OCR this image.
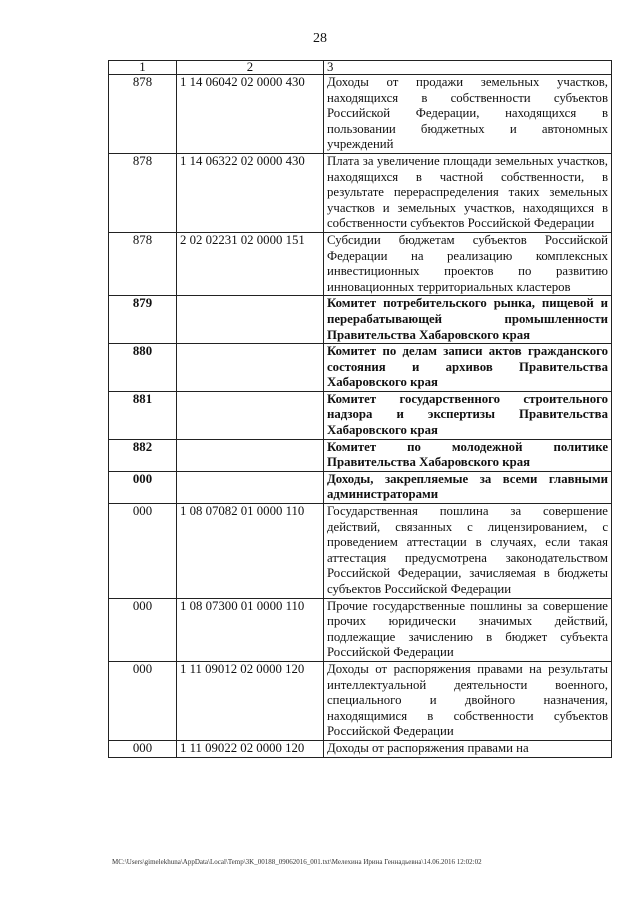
28
1	2	3
878	1 14 06042 02 0000 430	Доходы от продажи земельных участков, находящихся в собственности субъектов Российской Федерации, находящихся в пользовании бюджетных и автономных учреждений
878	1 14 06322 02 0000 430	Плата за увеличение площади земельных участков, находящихся в частной собственности, в результате перераспределения таких земельных участков и земельных участков, находящихся в собственности субъектов Российской Федерации
878	2 02 02231 02 0000 151	Субсидии бюджетам субъектов Российской Федерации на реализацию комплексных инвестиционных проектов по развитию инновационных территориальных кластеров
879		Комитет потребительского рынка, пищевой и перерабатывающей промышленности Правительства Хабаровского края
880		Комитет по делам записи актов гражданского состояния и архивов Правительства Хабаровского края
881		Комитет государственного строительного надзора и экспертизы Правительства Хабаровского края
882		Комитет по молодежной политике Правительства Хабаровского края
000		Доходы, закрепляемые за всеми главными администраторами
000	1 08 07082 01 0000 110	Государственная пошлина за совершение действий, связанных с лицензированием, с проведением аттестации в случаях, если такая аттестация предусмотрена законодательством Российской Федерации, зачисляемая в бюджеты субъектов Российской Федерации
000	1 08 07300 01 0000 110	Прочие государственные пошлины за совершение прочих юридически значимых действий, подлежащие зачислению в бюджет субъекта Российской Федерации
000	1 11 09012 02 0000 120	Доходы от распоряжения правами на результаты интеллектуальной деятельности военного, специального и двойного назначения, находящимися в собственности субъектов Российской Федерации
000	1 11 09022 02 0000 120	Доходы от распоряжения правами на
МС:\Users\gimelekhuna\AppData\Local\Temp\3K_00188_09062016_001.txt\Мелехина Ирина Геннадьевна\14.06.2016 12:02:02
